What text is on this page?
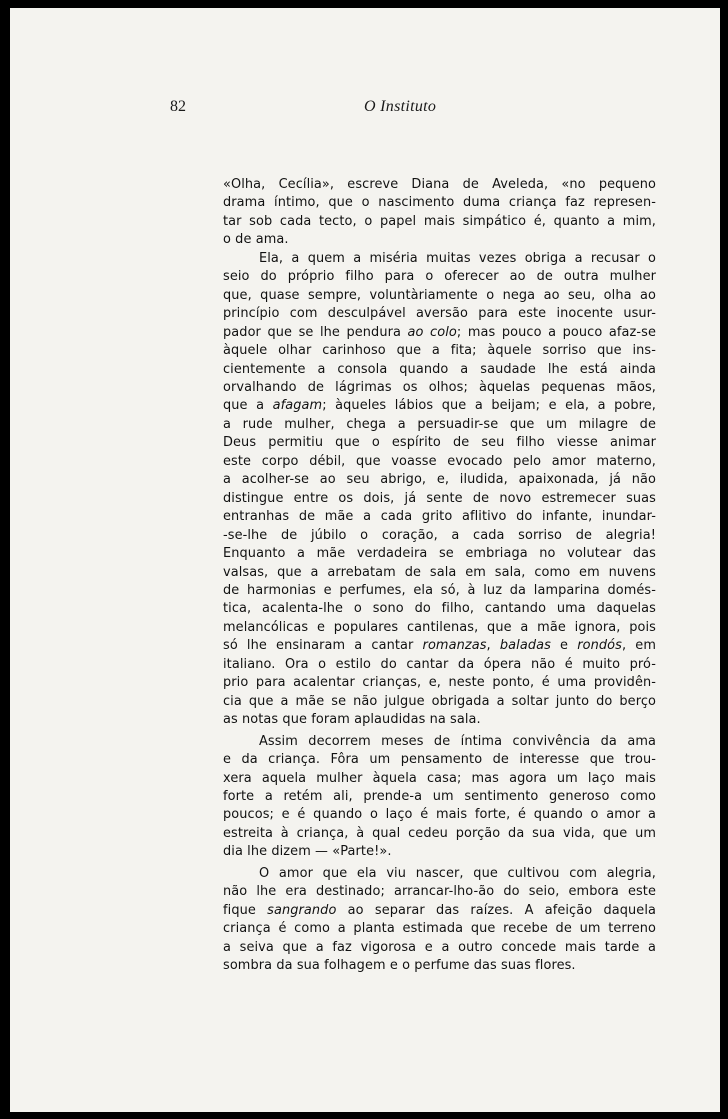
82	O Instituto
«Olha, Cecília», escreve Diana de Aveleda, «no pequeno
drama íntimo, que o nascimento duma criança faz represen-
tar sob cada tecto, o papel mais simpático é, quanto a mim,
o de ama.
Ela, a quem a miséria muitas vezes obriga a recusar o
seio do próprio filho para o oferecer ao de outra mulher
que, quase sempre, voluntàriamente o nega ao seu, olha ao
princípio com desculpável aversão para este inocente usur-
pador que se lhe pendura ao colo; mas pouco a pouco afaz-se
àquele olhar carinhoso que a fita; àquele sorriso que ins-
cientemente a consola quando a saudade lhe está ainda
orvalhando de lágrimas os olhos; àquelas pequenas mãos,
que a afagam; àqueles lábios que a beijam; e ela, a pobre,
a rude mulher, chega a persuadir-se que um milagre de
Deus permitiu que o espírito de seu filho viesse animar
este corpo débil, que voasse evocado pelo amor materno,
a acolher-se ao seu abrigo, e, iludida, apaixonada, já não
distingue entre os dois, já sente de novo estremecer suas
entranhas de mãe a cada grito aflitivo do infante, inundar-
-se-lhe de júbilo o coração, a cada sorriso de alegria!
Enquanto a mãe verdadeira se embriaga no volutear das
valsas, que a arrebatam de sala em sala, como em nuvens
de harmonias e perfumes, ela só, à luz da lamparina domés-
tica, acalenta-lhe o sono do filho, cantando uma daquelas
melancólicas e populares cantilenas, que a mãe ignora, pois
só lhe ensinaram a cantar romanzas, baladas e rondós, em
italiano. Ora o estilo do cantar da ópera não é muito pró-
prio para acalentar crianças, e, neste ponto, é uma providên-
cia que a mãe se não julgue obrigada a soltar junto do berço
as notas que foram aplaudidas na sala.
Assim decorrem meses de íntima convivência da ama
e da criança. Fôra um pensamento de interesse que trou-
xera aquela mulher àquela casa; mas agora um laço mais
forte a retém ali, prende-a um sentimento generoso como
poucos; e é quando o laço é mais forte, é quando o amor a
estreita à criança, à qual cedeu porção da sua vida, que um
dia lhe dizem — «Parte!».
O amor que ela viu nascer, que cultivou com alegria,
não lhe era destinado; arrancar-lho-ão do seio, embora este
fique sangrando ao separar das raízes. A afeição daquela
criança é como a planta estimada que recebe de um terreno
a seiva que a faz vigorosa e a outro concede mais tarde a
sombra da sua folhagem e o perfume das suas flores.
